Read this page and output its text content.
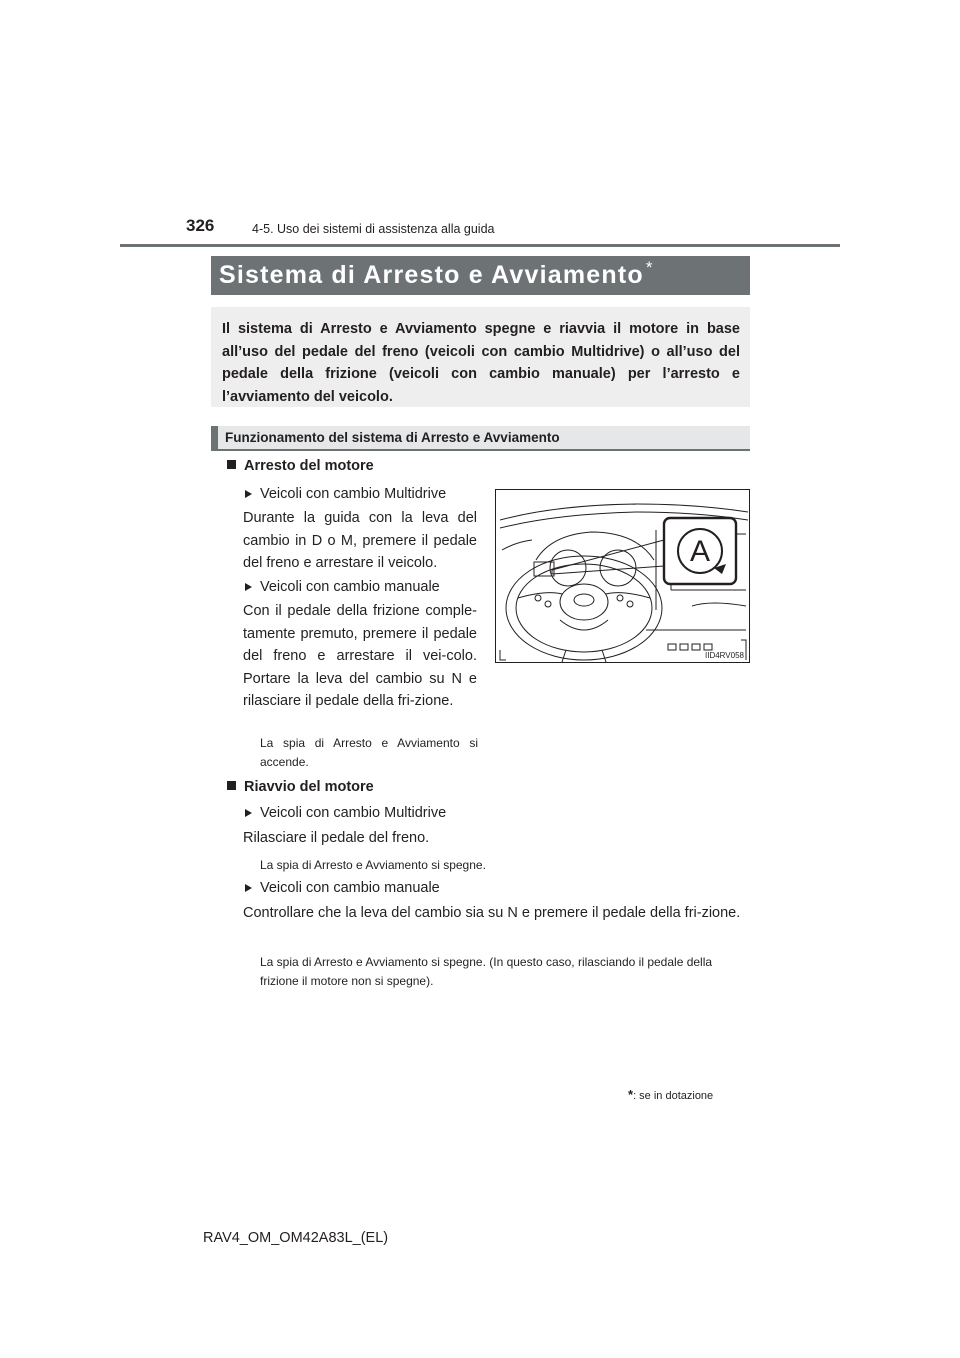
326	4-5. Uso dei sistemi di assistenza alla guida
Sistema di Arresto e Avviamento *
Il sistema di Arresto e Avviamento spegne e riavvia il motore in base all’uso del pedale del freno (veicoli con cambio Multidrive) o all’uso del pedale della frizione (veicoli con cambio manuale) per l’arresto e l’avviamento del veicolo.
Funzionamento del sistema di Arresto e Avviamento
Arresto del motore
Veicoli con cambio Multidrive
Durante la guida con la leva del cambio in D o M, premere il pedale del freno e arrestare il veicolo.
Veicoli con cambio manuale
Con il pedale della frizione comple-tamente premuto, premere il pedale del freno e arrestare il vei-colo. Portare la leva del cambio su N e rilasciare il pedale della fri-zione.
La spia di Arresto e Avviamento si accende.
A
IID4RV058
Riavvio del motore
Veicoli con cambio Multidrive
Rilasciare il pedale del freno.
La spia di Arresto e Avviamento si spegne.
Veicoli con cambio manuale
Controllare che la leva del cambio sia su N e premere il pedale della fri-zione.
La spia di Arresto e Avviamento si spegne. (In questo caso, rilasciando il pedale della frizione il motore non si spegne).
*: se in dotazione
RAV4_OM_OM42A83L_(EL)
